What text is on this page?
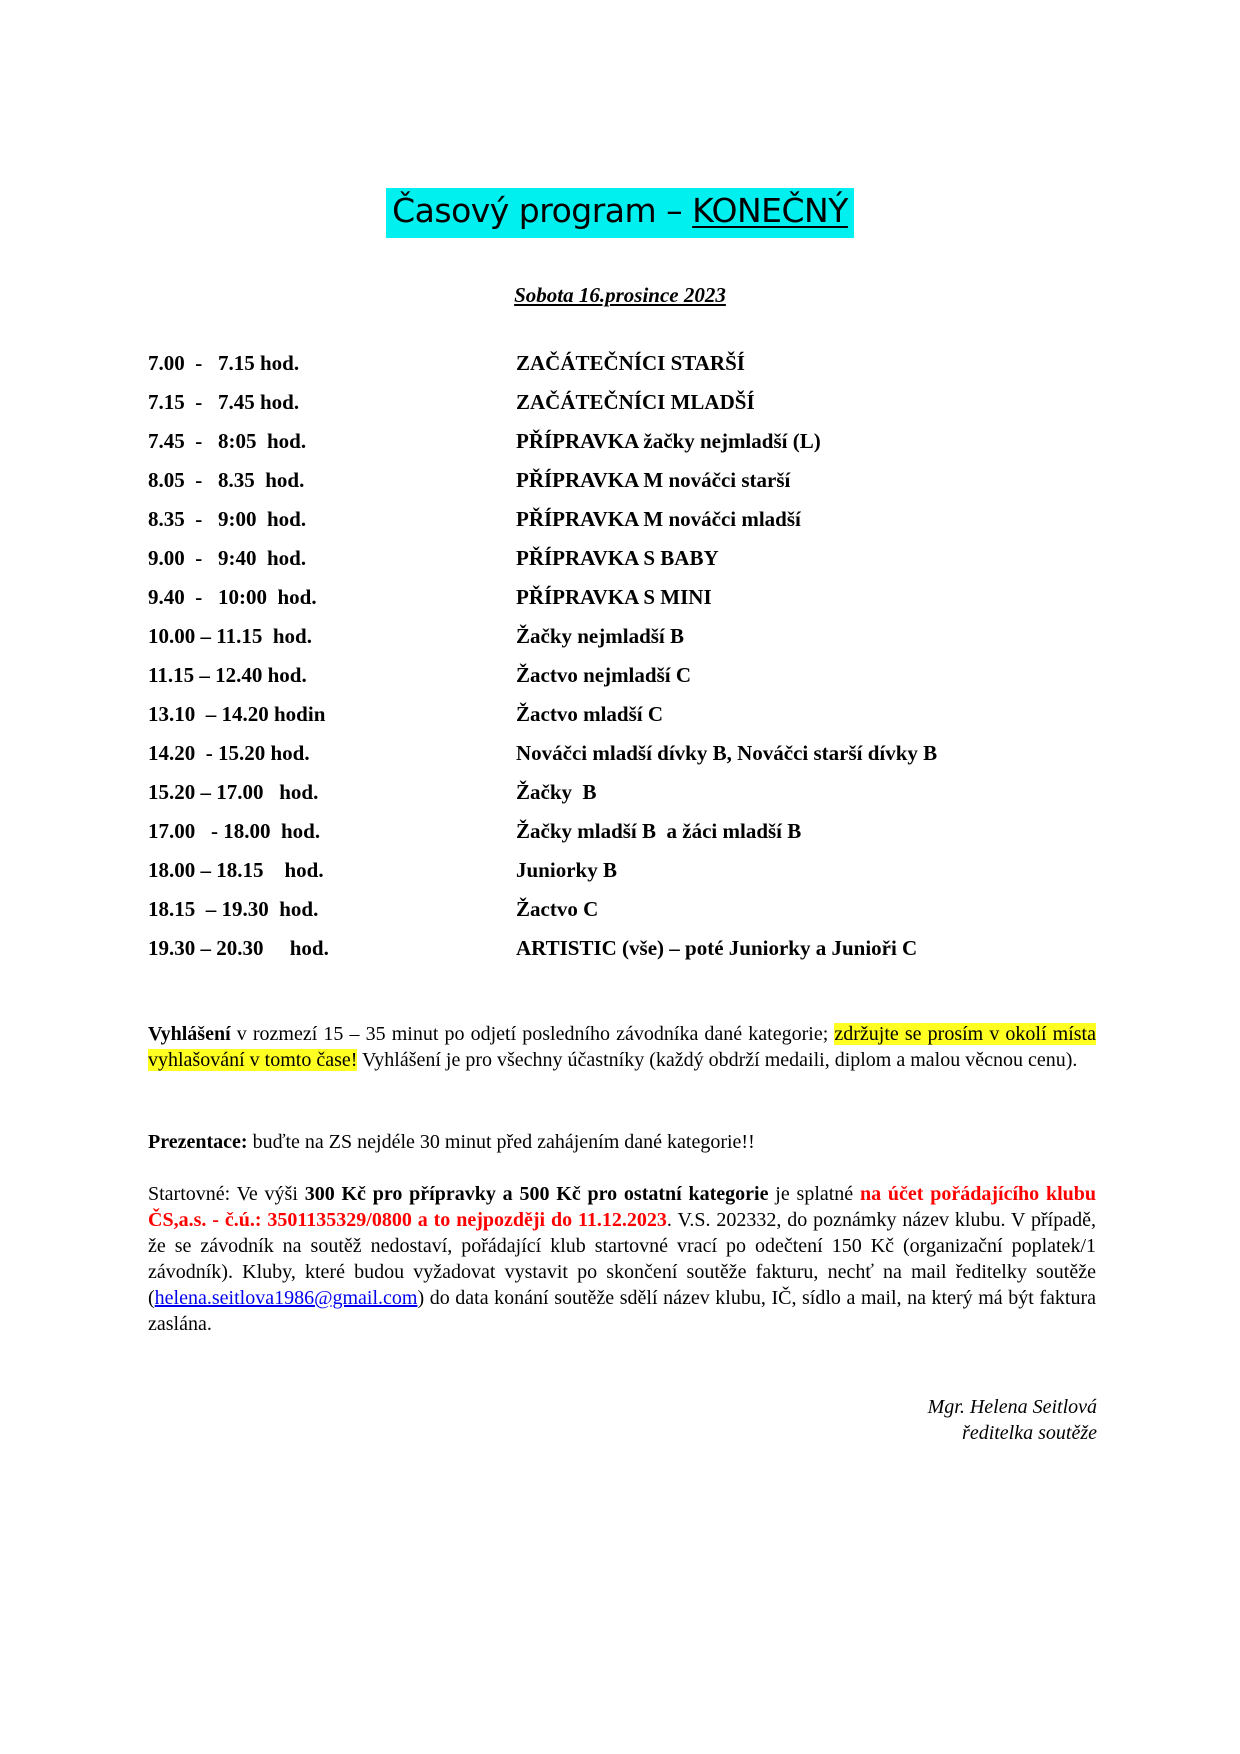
Časový program – KONEČNÝ
Sobota 16.prosince 2023
7.00  -   7.15 hod.	ZAČÁTEČNÍCI STARŠÍ
7.15  -   7.45 hod.	ZAČÁTEČNÍCI MLADŠÍ
7.45  -   8:05  hod.	PŘÍPRAVKA žačky nejmladší (L)
8.05  -   8.35  hod.	PŘÍPRAVKA M nováčci starší
8.35  -   9:00  hod.	PŘÍPRAVKA M nováčci mladší
9.00  -   9:40  hod.	PŘÍPRAVKA S BABY
9.40  -   10:00  hod.	PŘÍPRAVKA S MINI
10.00 – 11.15  hod.	Žačky nejmladší B
11.15 – 12.40 hod.	Žactvo nejmladší C
13.10  – 14.20 hodin	Žactvo mladší C
14.20  - 15.20 hod.	Nováčci mladší dívky B, Nováčci starší dívky B
15.20 – 17.00   hod.	Žačky  B
17.00   - 18.00  hod.	Žačky mladší B  a žáci mladší B
18.00 – 18.15    hod.	Juniorky B
18.15  – 19.30  hod.	Žactvo C
19.30 – 20.30     hod.	ARTISTIC (vše) – poté Juniorky a Junioři C
Vyhlášení v rozmezí 15 – 35 minut po odjetí posledního závodníka dané kategorie; zdržujte se prosím v okolí místa vyhlašování v tomto čase! Vyhlášení je pro všechny účastníky (každý obdrží medaili, diplom a malou věcnou cenu).
Prezentace: buďte na ZS nejdéle 30 minut před zahájením dané kategorie!!
Startovné: Ve výši 300 Kč pro přípravky a 500 Kč pro ostatní kategorie je splatné na účet pořádajícího klubu ČS,a.s. - č.ú.: 3501135329/0800 a to nejpozději do 11.12.2023. V.S. 202332, do poznámky název klubu. V případě, že se závodník na soutěž nedostaví, pořádající klub startovné vrací po odečtení 150 Kč (organizační poplatek/1 závodník). Kluby, které budou vyžadovat vystavit po skončení soutěže fakturu, nechť na mail ředitelky soutěže (helena.seitlova1986@gmail.com) do data konání soutěže sdělí název klubu, IČ, sídlo a mail, na který má být faktura zaslána.
Mgr. Helena Seitlová
ředitelka soutěže
